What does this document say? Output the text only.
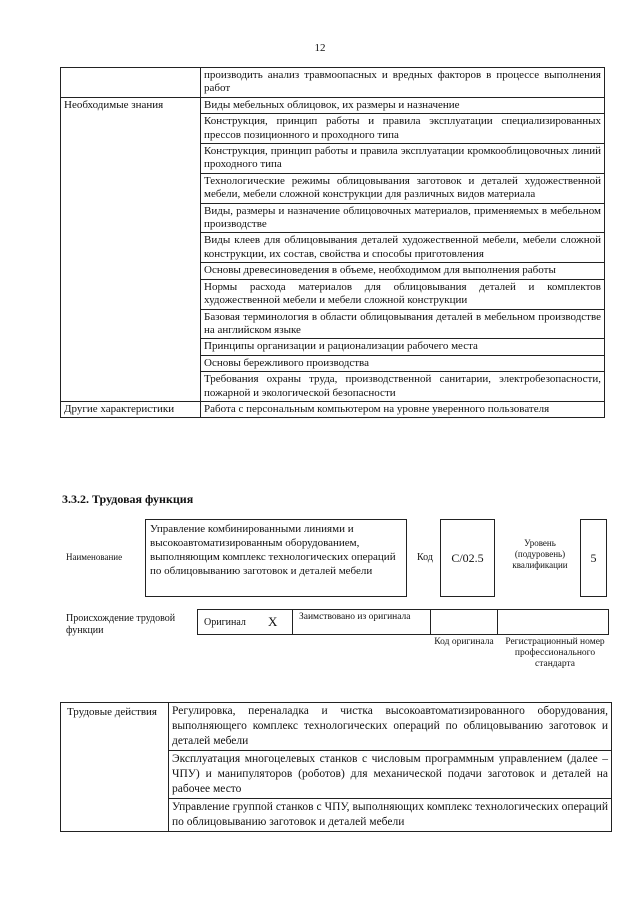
12
	производить анализ травмоопасных и вредных факторов в процессе выполнения работ
Необходимые знания	Виды мебельных облицовок, их размеры и назначение
	Конструкция, принцип работы и правила эксплуатации специализированных прессов позиционного и проходного типа
	Конструкция, принцип работы и правила эксплуатации кромкооблицовочных линий проходного типа
	Технологические режимы облицовывания заготовок и деталей художественной мебели, мебели сложной конструкции для различных видов материала
	Виды, размеры и назначение облицовочных материалов, применяемых в мебельном производстве
	Виды клеев для облицовывания деталей художественной мебели, мебели сложной конструкции, их состав, свойства и способы приготовления
	Основы древесиноведения в объеме, необходимом для выполнения работы
	Нормы расхода материалов для облицовывания деталей и комплектов художественной мебели и мебели сложной конструкции
	Базовая терминология в области облицовывания деталей в мебельном производстве на английском языке
	Принципы организации и рационализации рабочего места
	Основы бережливого производства
	Требования охраны труда, производственной санитарии, электробезопасности, пожарной и экологической безопасности
Другие характеристики	Работа с персональным компьютером на уровне уверенного пользователя
3.3.2. Трудовая функция
Наименование
Управление комбинированными линиями и высокоавтоматизированным оборудованием, выполняющим комплекс технологических операций по облицовыванию заготовок и деталей мебели
Код	С/02.5
Уровень (подуровень) квалификации
5
Происхождение трудовой функции
Оригинал X Заимствовано из оригинала
Код оригинала	Регистрационный номер профессионального стандарта
Трудовые действия	Регулировка, переналадка и чистка высокоавтоматизированного оборудования, выполняющего комплекс технологических операций по облицовыванию заготовок и деталей мебели
Эксплуатация многоцелевых станков с числовым программным управлением (далее – ЧПУ) и манипуляторов (роботов) для механической подачи заготовок и деталей на рабочее место
Управление группой станков с ЧПУ, выполняющих комплекс технологических операций по облицовыванию заготовок и деталей мебели
